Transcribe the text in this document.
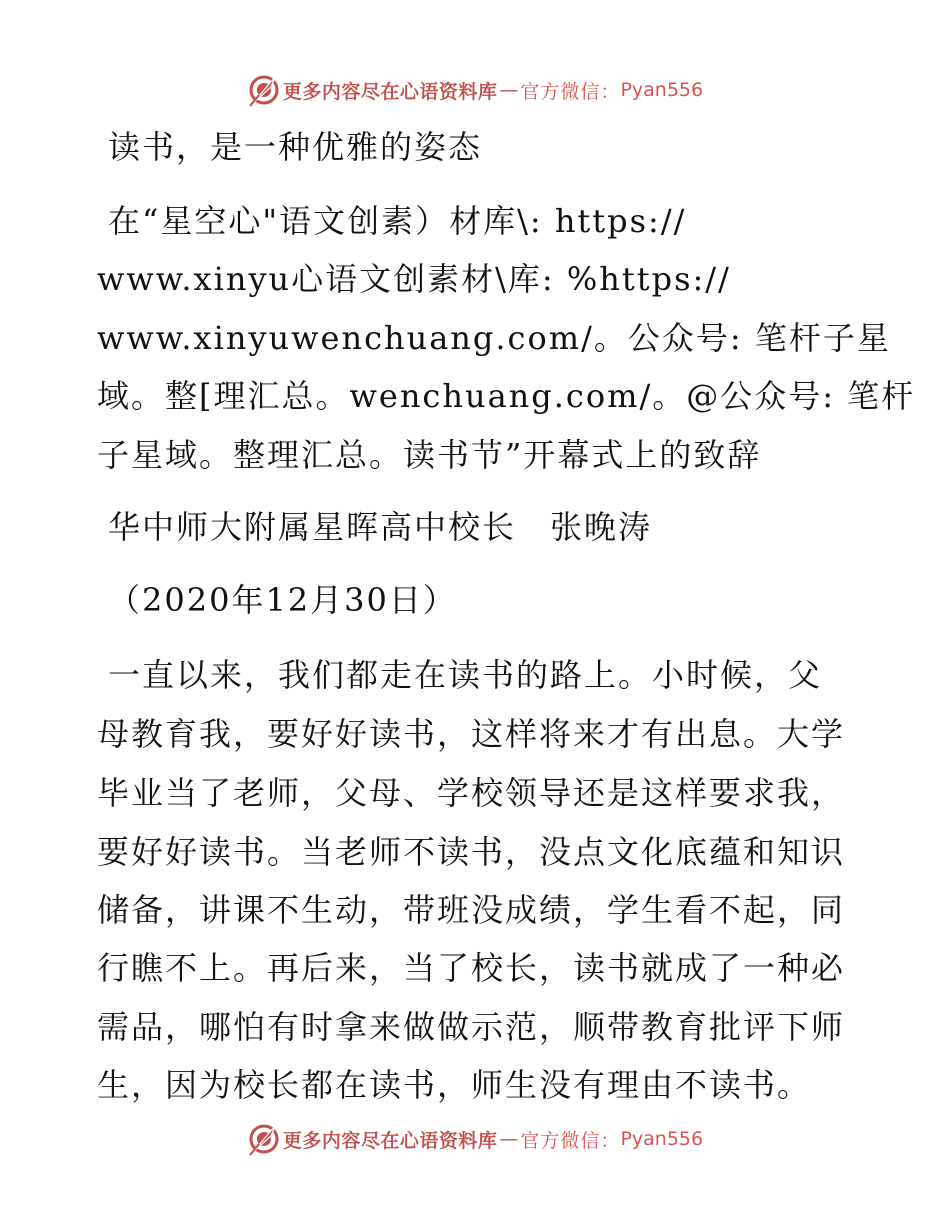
更多内容尽在心语资料库 — 官方微信： Pyan556
读书，是一种优雅的姿态
在“星空心"语文创素）材库\: https://
www.xinyu心语文创素材\库: %https://
www.xinyuwenchuang.com/。公众号: 笔杆子星
域。整[理汇总。wenchuang.com/。@公众号: 笔杆
子星域。整理汇总。读书节”开幕式上的致辞
华中师大附属星晖高中校长　张晚涛
（2020年12月30日）
一直以来，我们都走在读书的路上。小时候，父
母教育我，要好好读书，这样将来才有出息。大学
毕业当了老师，父母、学校领导还是这样要求我，
要好好读书。当老师不读书，没点文化底蕴和知识
储备，讲课不生动，带班没成绩，学生看不起，同
行瞧不上。再后来，当了校长，读书就成了一种必
需品，哪怕有时拿来做做示范，顺带教育批评下师
生，因为校长都在读书，师生没有理由不读书。
更多内容尽在心语资料库 — 官方微信： Pyan556
